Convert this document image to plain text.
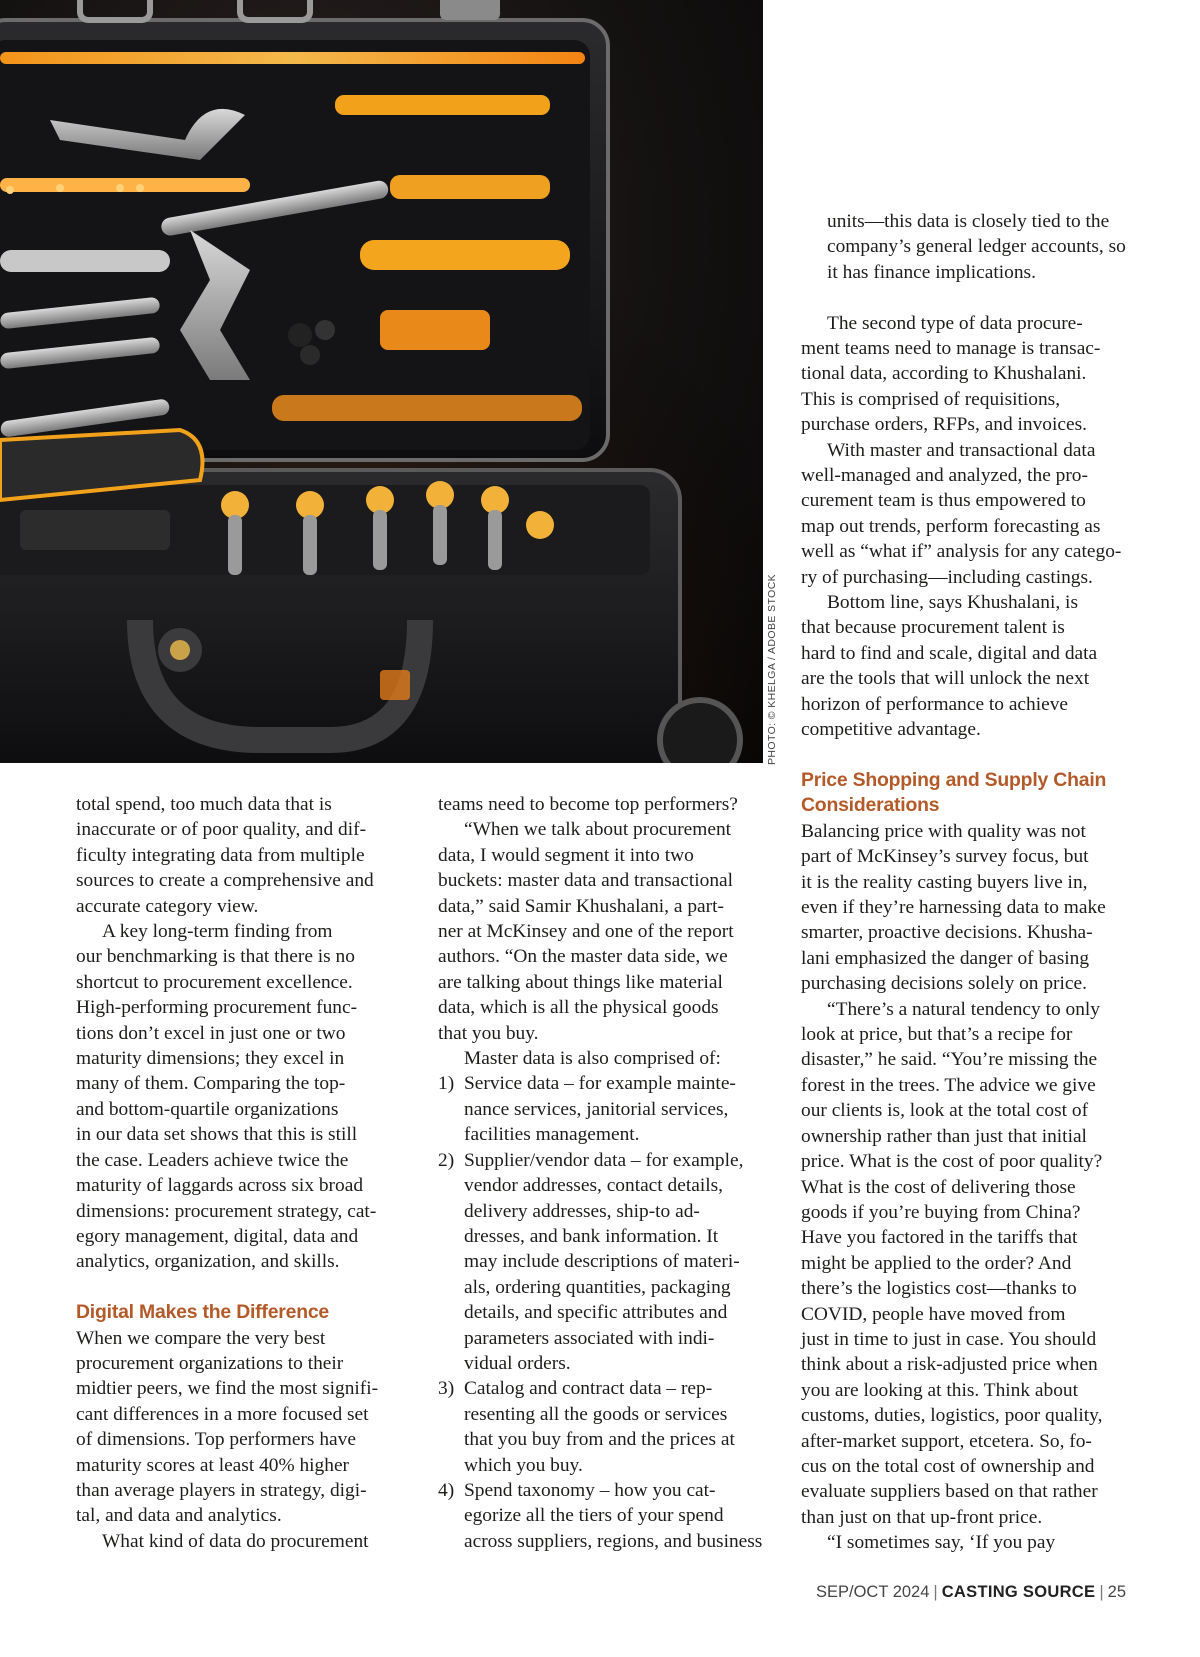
PHOTO: © KHELGA / ADOBE STOCK

total spend, too much data that is
inaccurate or of poor quality, and dif-
ficulty integrating data from multiple
sources to create a comprehensive and
accurate category view.

A key long-term finding from
our benchmarking is that there is no
shortcut to procurement excellence.
High-performing procurement func-
tions don’t excel in just one or two
maturity dimensions; they excel in
many of them. Comparing the top-
and bottom-quartile organizations
in our data set shows that this is still
the case. Leaders achieve twice the
maturity of laggards across six broad
dimensions: procurement strategy, cat-
egory management, digital, data and
analytics, organization, and skills.

Digital Makes the Difference

When we compare the very best
procurement organizations to their
midtier peers, we find the most signifi-
cant differences in a more focused set
of dimensions. Top performers have
maturity scores at least 40% higher
than average players in strategy, digi-
tal, and data and analytics.

What kind of data do procurement

teams need to become top performers?

“When we talk about procurement
data, I would segment it into two
buckets: master data and transactional
data,” said Samir Khushalani, a part-
ner at McKinsey and one of the report
authors. “On the master data side, we
are talking about things like material
data, which is all the physical goods
that you buy.

Master data is also comprised of:

1) Service data – for example mainte-
nance services, janitorial services,
facilities management.
2) Supplier/vendor data – for example,
vendor addresses, contact details,
delivery addresses, ship-to ad-
dresses, and bank information. It
may include descriptions of materi-
als, ordering quantities, packaging
details, and specific attributes and
parameters associated with indi-
vidual orders.
3) Catalog and contract data – rep-
resenting all the goods or services
that you buy from and the prices at
which you buy.
4) Spend taxonomy – how you cat-
egorize all the tiers of your spend
across suppliers, regions, and business
units—this data is closely tied to the
company’s general ledger accounts, so
it has finance implications.

The second type of data procure-
ment teams need to manage is transac-
tional data, according to Khushalani.
This is comprised of requisitions,
purchase orders, RFPs, and invoices.

With master and transactional data
well-managed and analyzed, the pro-
curement team is thus empowered to
map out trends, perform forecasting as
well as “what if” analysis for any catego-
ry of purchasing—including castings.

Bottom line, says Khushalani, is
that because procurement talent is
hard to find and scale, digital and data
are the tools that will unlock the next
horizon of performance to achieve
competitive advantage.

Price Shopping and Supply Chain
Considerations

Balancing price with quality was not
part of McKinsey’s survey focus, but
it is the reality casting buyers live in,
even if they’re harnessing data to make
smarter, proactive decisions. Khusha-
lani emphasized the danger of basing
purchasing decisions solely on price.

“There’s a natural tendency to only
look at price, but that’s a recipe for
disaster,” he said. “You’re missing the
forest in the trees. The advice we give
our clients is, look at the total cost of
ownership rather than just that initial
price. What is the cost of poor quality?
What is the cost of delivering those
goods if you’re buying from China?
Have you factored in the tariffs that
might be applied to the order? And
there’s the logistics cost—thanks to
COVID, people have moved from
just in time to just in case. You should
think about a risk-adjusted price when
you are looking at this. Think about
customs, duties, logistics, poor quality,
after-market support, etcetera. So, fo-
cus on the total cost of ownership and
evaluate suppliers based on that rather
than just on that up-front price.

“I sometimes say, ‘If you pay

SEP/OCT 2024 | CASTING SOURCE | 25
